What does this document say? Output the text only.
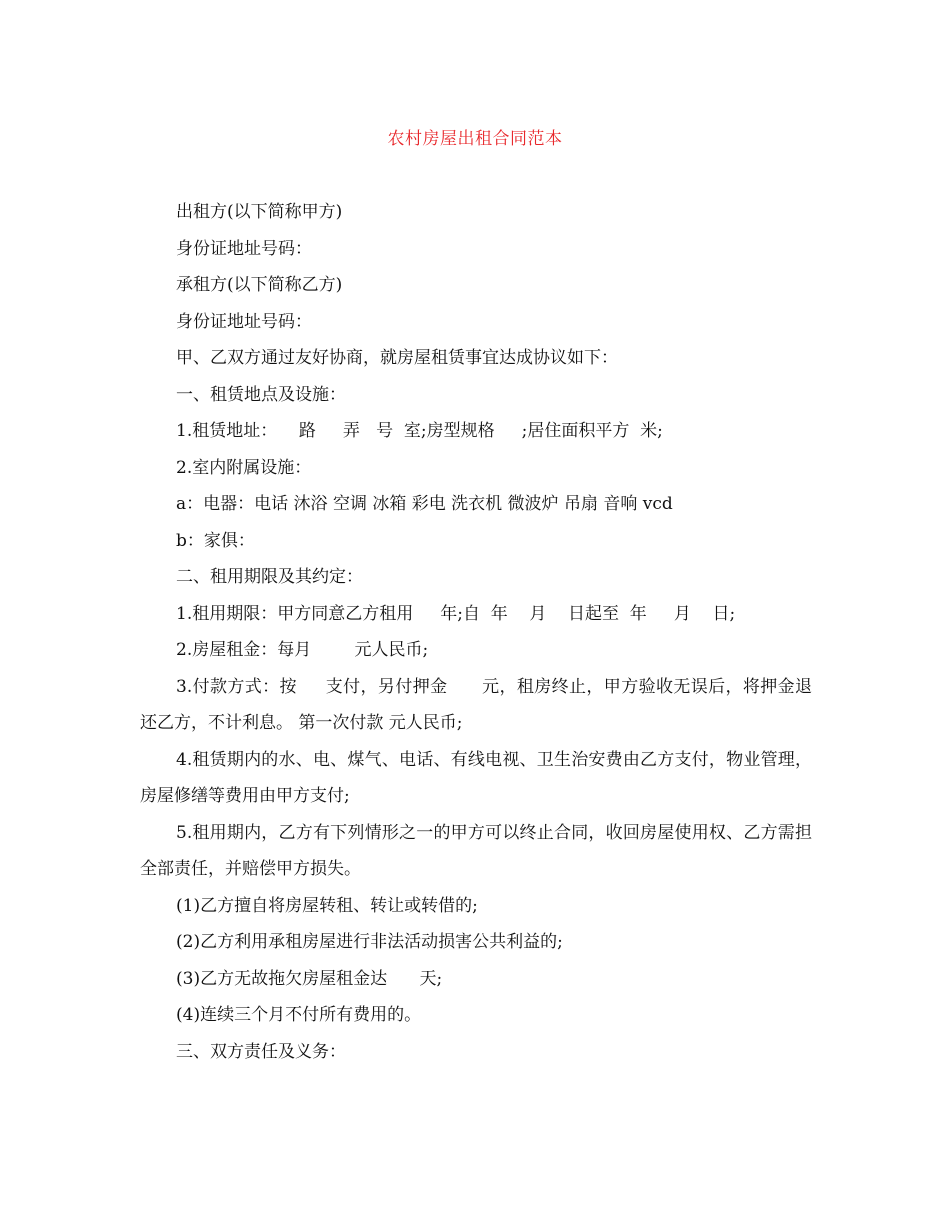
农村房屋出租合同范本

出租方(以下简称甲方)

身份证地址号码：

承租方(以下简称乙方)

身份证地址号码：

甲、乙双方通过友好协商，就房屋租赁事宜达成协议如下：

一、租赁地点及设施：

1.租赁地址：    路     弄   号  室;房型规格     ;居住面积平方  米;

2.室内附属设施：

a：电器：电话 沐浴 空调 冰箱 彩电 洗衣机 微波炉 吊扇 音响 vcd

b：家俱：

二、租用期限及其约定：

1.租用期限：甲方同意乙方租用     年;自  年    月    日起至  年     月    日;

2.房屋租金：每月        元人民币;

3.付款方式：按     支付，另付押金      元，租房终止，甲方验收无误后，将押金退还乙方，不计利息。 第一次付款 元人民币;

4.租赁期内的水、电、煤气、电话、有线电视、卫生治安费由乙方支付，物业管理，房屋修缮等费用由甲方支付;

5.租用期内，乙方有下列情形之一的甲方可以终止合同，收回房屋使用权、乙方需担全部责任，并赔偿甲方损失。

(1)乙方擅自将房屋转租、转让或转借的;

(2)乙方利用承租房屋进行非法活动损害公共利益的;

(3)乙方无故拖欠房屋租金达      天;

(4)连续三个月不付所有费用的。

三、双方责任及义务：
